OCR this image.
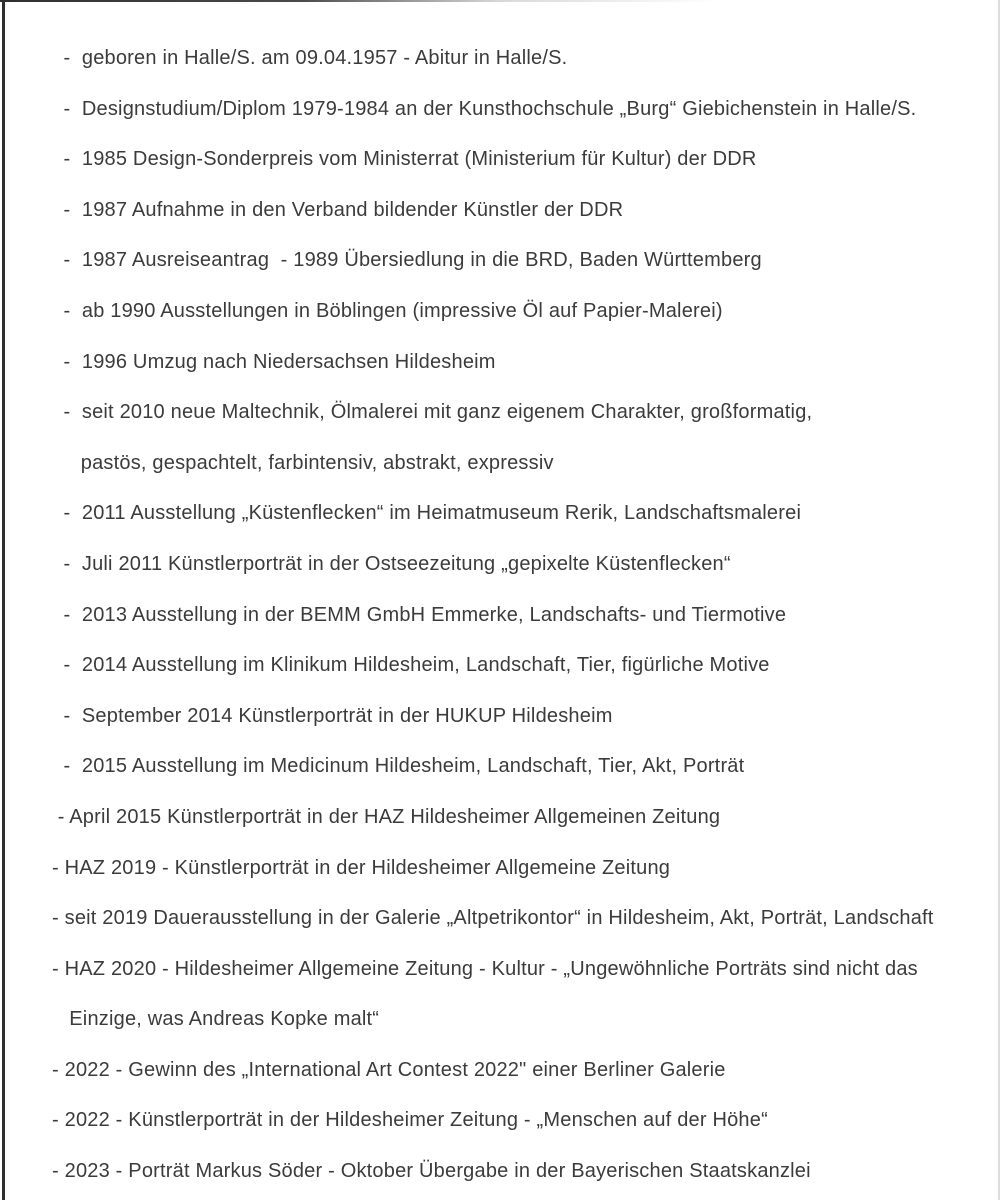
-  geboren in Halle/S. am 09.04.1957 - Abitur in Halle/S.
-  Designstudium/Diplom 1979-1984 an der Kunsthochschule „Burg“ Giebichenstein in Halle/S.
-  1985 Design-Sonderpreis vom Ministerrat (Ministerium für Kultur) der DDR
-  1987 Aufnahme in den Verband bildender Künstler der DDR
-  1987 Ausreiseantrag  - 1989 Übersiedlung in die BRD, Baden Württemberg
-  ab 1990 Ausstellungen in Böblingen (impressive Öl auf Papier-Malerei)
-  1996 Umzug nach Niedersachsen Hildesheim
-  seit 2010 neue Maltechnik, Ölmalerei mit ganz eigenem Charakter, großformatig,
pastös, gespachtelt, farbintensiv, abstrakt, expressiv
-  2011 Ausstellung „Küstenflecken“ im Heimatmuseum Rerik, Landschaftsmalerei
-  Juli 2011 Künstlerporträt in der Ostseezeitung „gepixelte Küstenflecken“
-  2013 Ausstellung in der BEMM GmbH Emmerke, Landschafts- und Tiermotive
-  2014 Ausstellung im Klinikum Hildesheim, Landschaft, Tier, figürliche Motive
-  September 2014 Künstlerporträt in der HUKUP Hildesheim
-  2015 Ausstellung im Medicinum Hildesheim, Landschaft, Tier, Akt, Porträt
- April 2015 Künstlerporträt in der HAZ Hildesheimer Allgemeinen Zeitung
- HAZ 2019 - Künstlerporträt in der Hildesheimer Allgemeine Zeitung
- seit 2019 Dauerausstellung in der Galerie „Altpetrikontor“ in Hildesheim, Akt, Porträt, Landschaft
- HAZ 2020 - Hildesheimer Allgemeine Zeitung - Kultur - „Ungewöhnliche Porträts sind nicht das
Einzige, was Andreas Kopke malt“
- 2022 - Gewinn des „International Art Contest 2022" einer Berliner Galerie
- 2022 - Künstlerporträt in der Hildesheimer Zeitung - „Menschen auf der Höhe“
- 2023 - Porträt Markus Söder - Oktober Übergabe in der Bayerischen Staatskanzlei
